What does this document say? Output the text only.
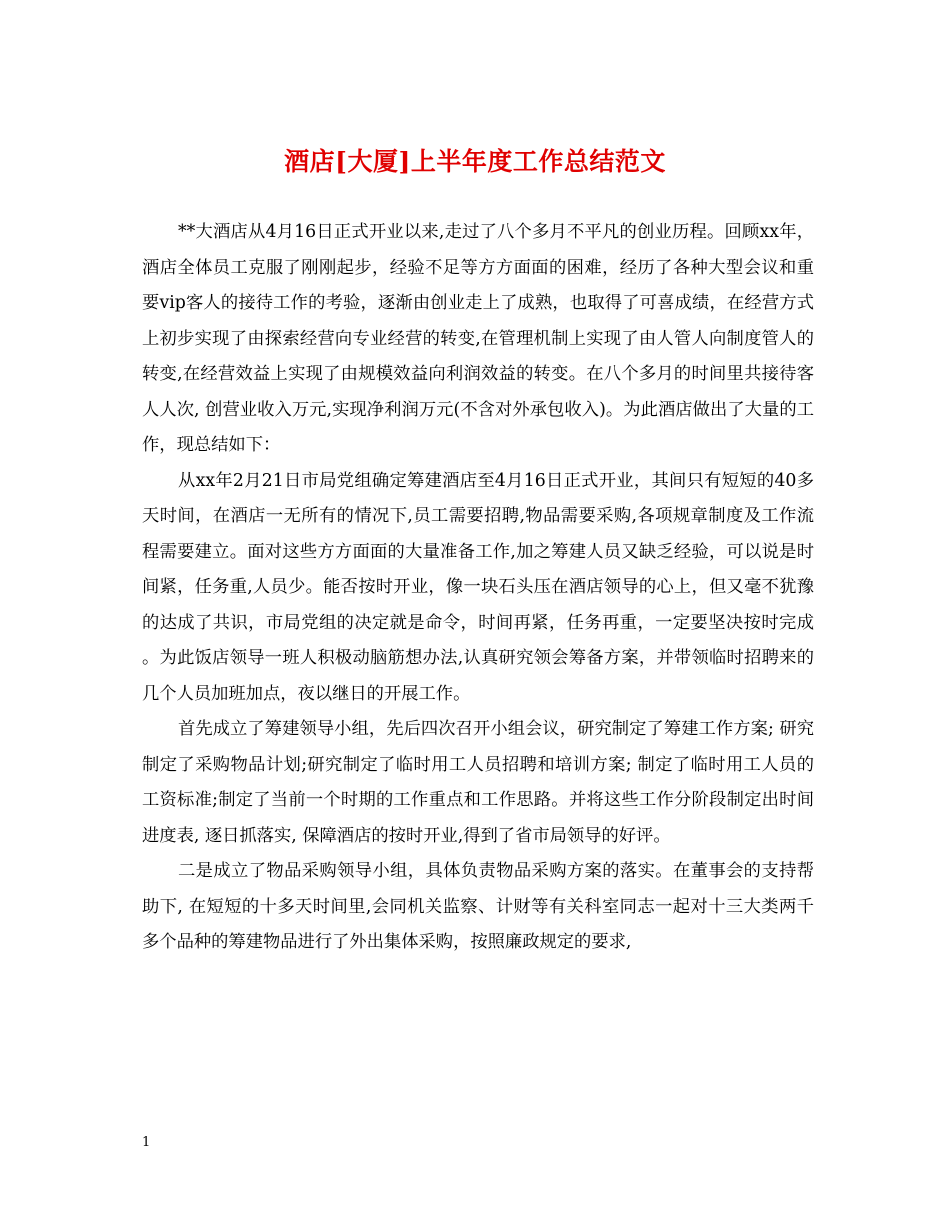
酒店[大厦]上半年度工作总结范文

**大酒店从4月16日正式开业以来,走过了八个多月不平凡的创业历程。回顾xx年，酒店全体员工克服了刚刚起步，经验不足等方方面面的困难，经历了各种大型会议和重要vip客人的接待工作的考验，逐渐由创业走上了成熟，也取得了可喜成绩，在经营方式上初步实现了由探索经营向专业经营的转变,在管理机制上实现了由人管人向制度管人的转变,在经营效益上实现了由规模效益向利润效益的转变。在八个多月的时间里共接待客人人次, 创营业收入万元,实现净利润万元(不含对外承包收入)。为此酒店做出了大量的工作，现总结如下：

从xx年2月21日市局党组确定筹建酒店至4月16日正式开业，其间只有短短的40多天时间，在酒店一无所有的情况下,员工需要招聘,物品需要采购,各项规章制度及工作流程需要建立。面对这些方方面面的大量准备工作,加之筹建人员又缺乏经验，可以说是时间紧，任务重,人员少。能否按时开业，像一块石头压在酒店领导的心上，但又毫不犹豫的达成了共识，市局党组的决定就是命令，时间再紧，任务再重，一定要坚决按时完成 。为此饭店领导一班人积极动脑筋想办法,认真研究领会筹备方案，并带领临时招聘来的几个人员加班加点，夜以继日的开展工作。

首先成立了筹建领导小组，先后四次召开小组会议，研究制定了筹建工作方案; 研究制定了采购物品计划;研究制定了临时用工人员招聘和培训方案; 制定了临时用工人员的工资标准;制定了当前一个时期的工作重点和工作思路。并将这些工作分阶段制定出时间进度表, 逐日抓落实, 保障酒店的按时开业,得到了省市局领导的好评。

二是成立了物品采购领导小组，具体负责物品采购方案的落实。在董事会的支持帮助下, 在短短的十多天时间里,会同机关监察、计财等有关科室同志一起对十三大类两千多个品种的筹建物品进行了外出集体采购，按照廉政规定的要求,

1
